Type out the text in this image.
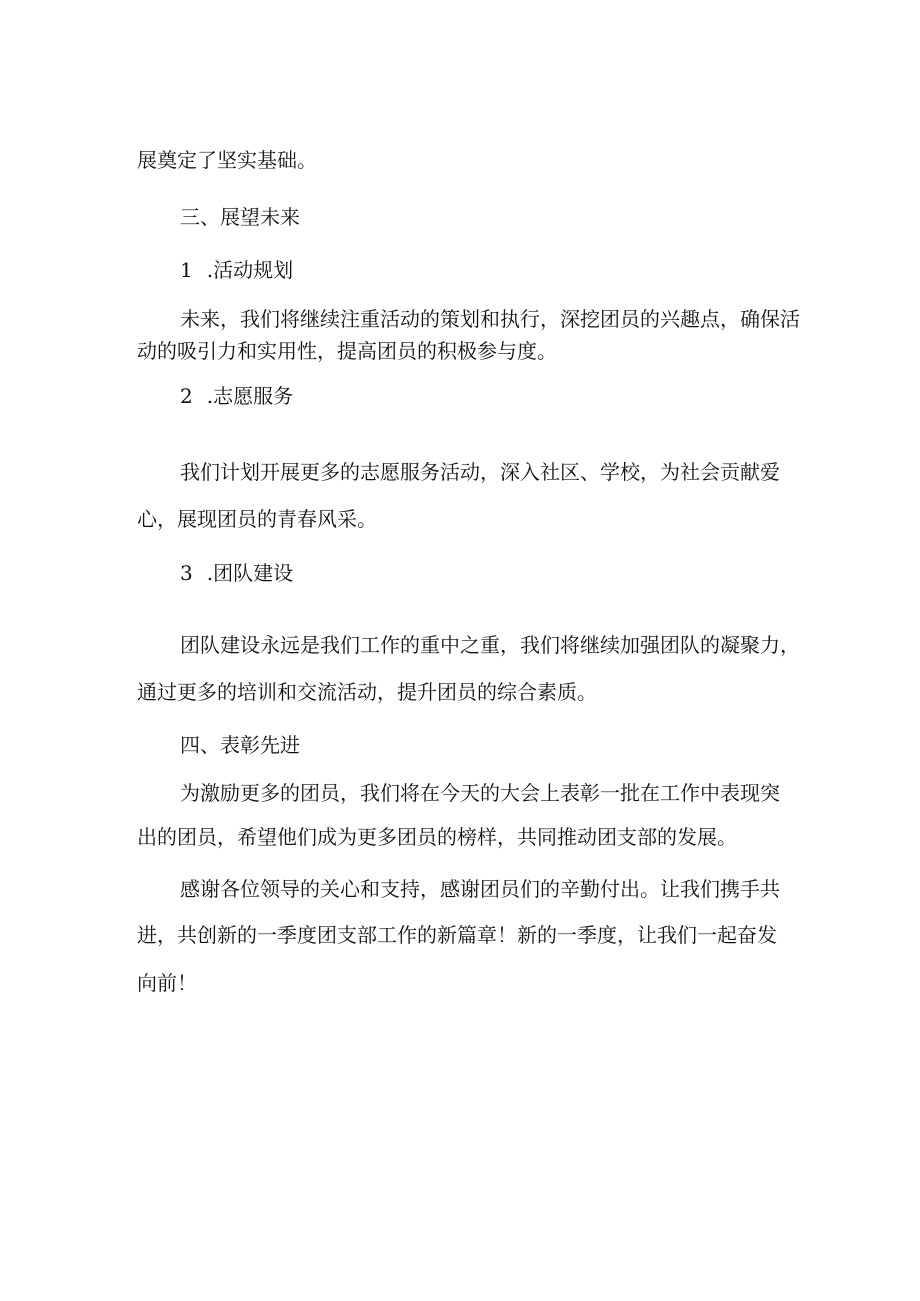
展奠定了坚实基础。

三、展望未来

1 .活动规划

未来，我们将继续注重活动的策划和执行，深挖团员的兴趣点，确保活

动的吸引力和实用性，提高团员的积极参与度。

2 .志愿服务

我们计划开展更多的志愿服务活动，深入社区、学校，为社会贡献爱

心，展现团员的青春风采。

3 .团队建设

团队建设永远是我们工作的重中之重，我们将继续加强团队的凝聚力，

通过更多的培训和交流活动，提升团员的综合素质。

四、表彰先进

为激励更多的团员，我们将在今天的大会上表彰一批在工作中表现突

出的团员，希望他们成为更多团员的榜样，共同推动团支部的发展。

感谢各位领导的关心和支持，感谢团员们的辛勤付出。让我们携手共

进，共创新的一季度团支部工作的新篇章！新的一季度，让我们一起奋发

向前！
